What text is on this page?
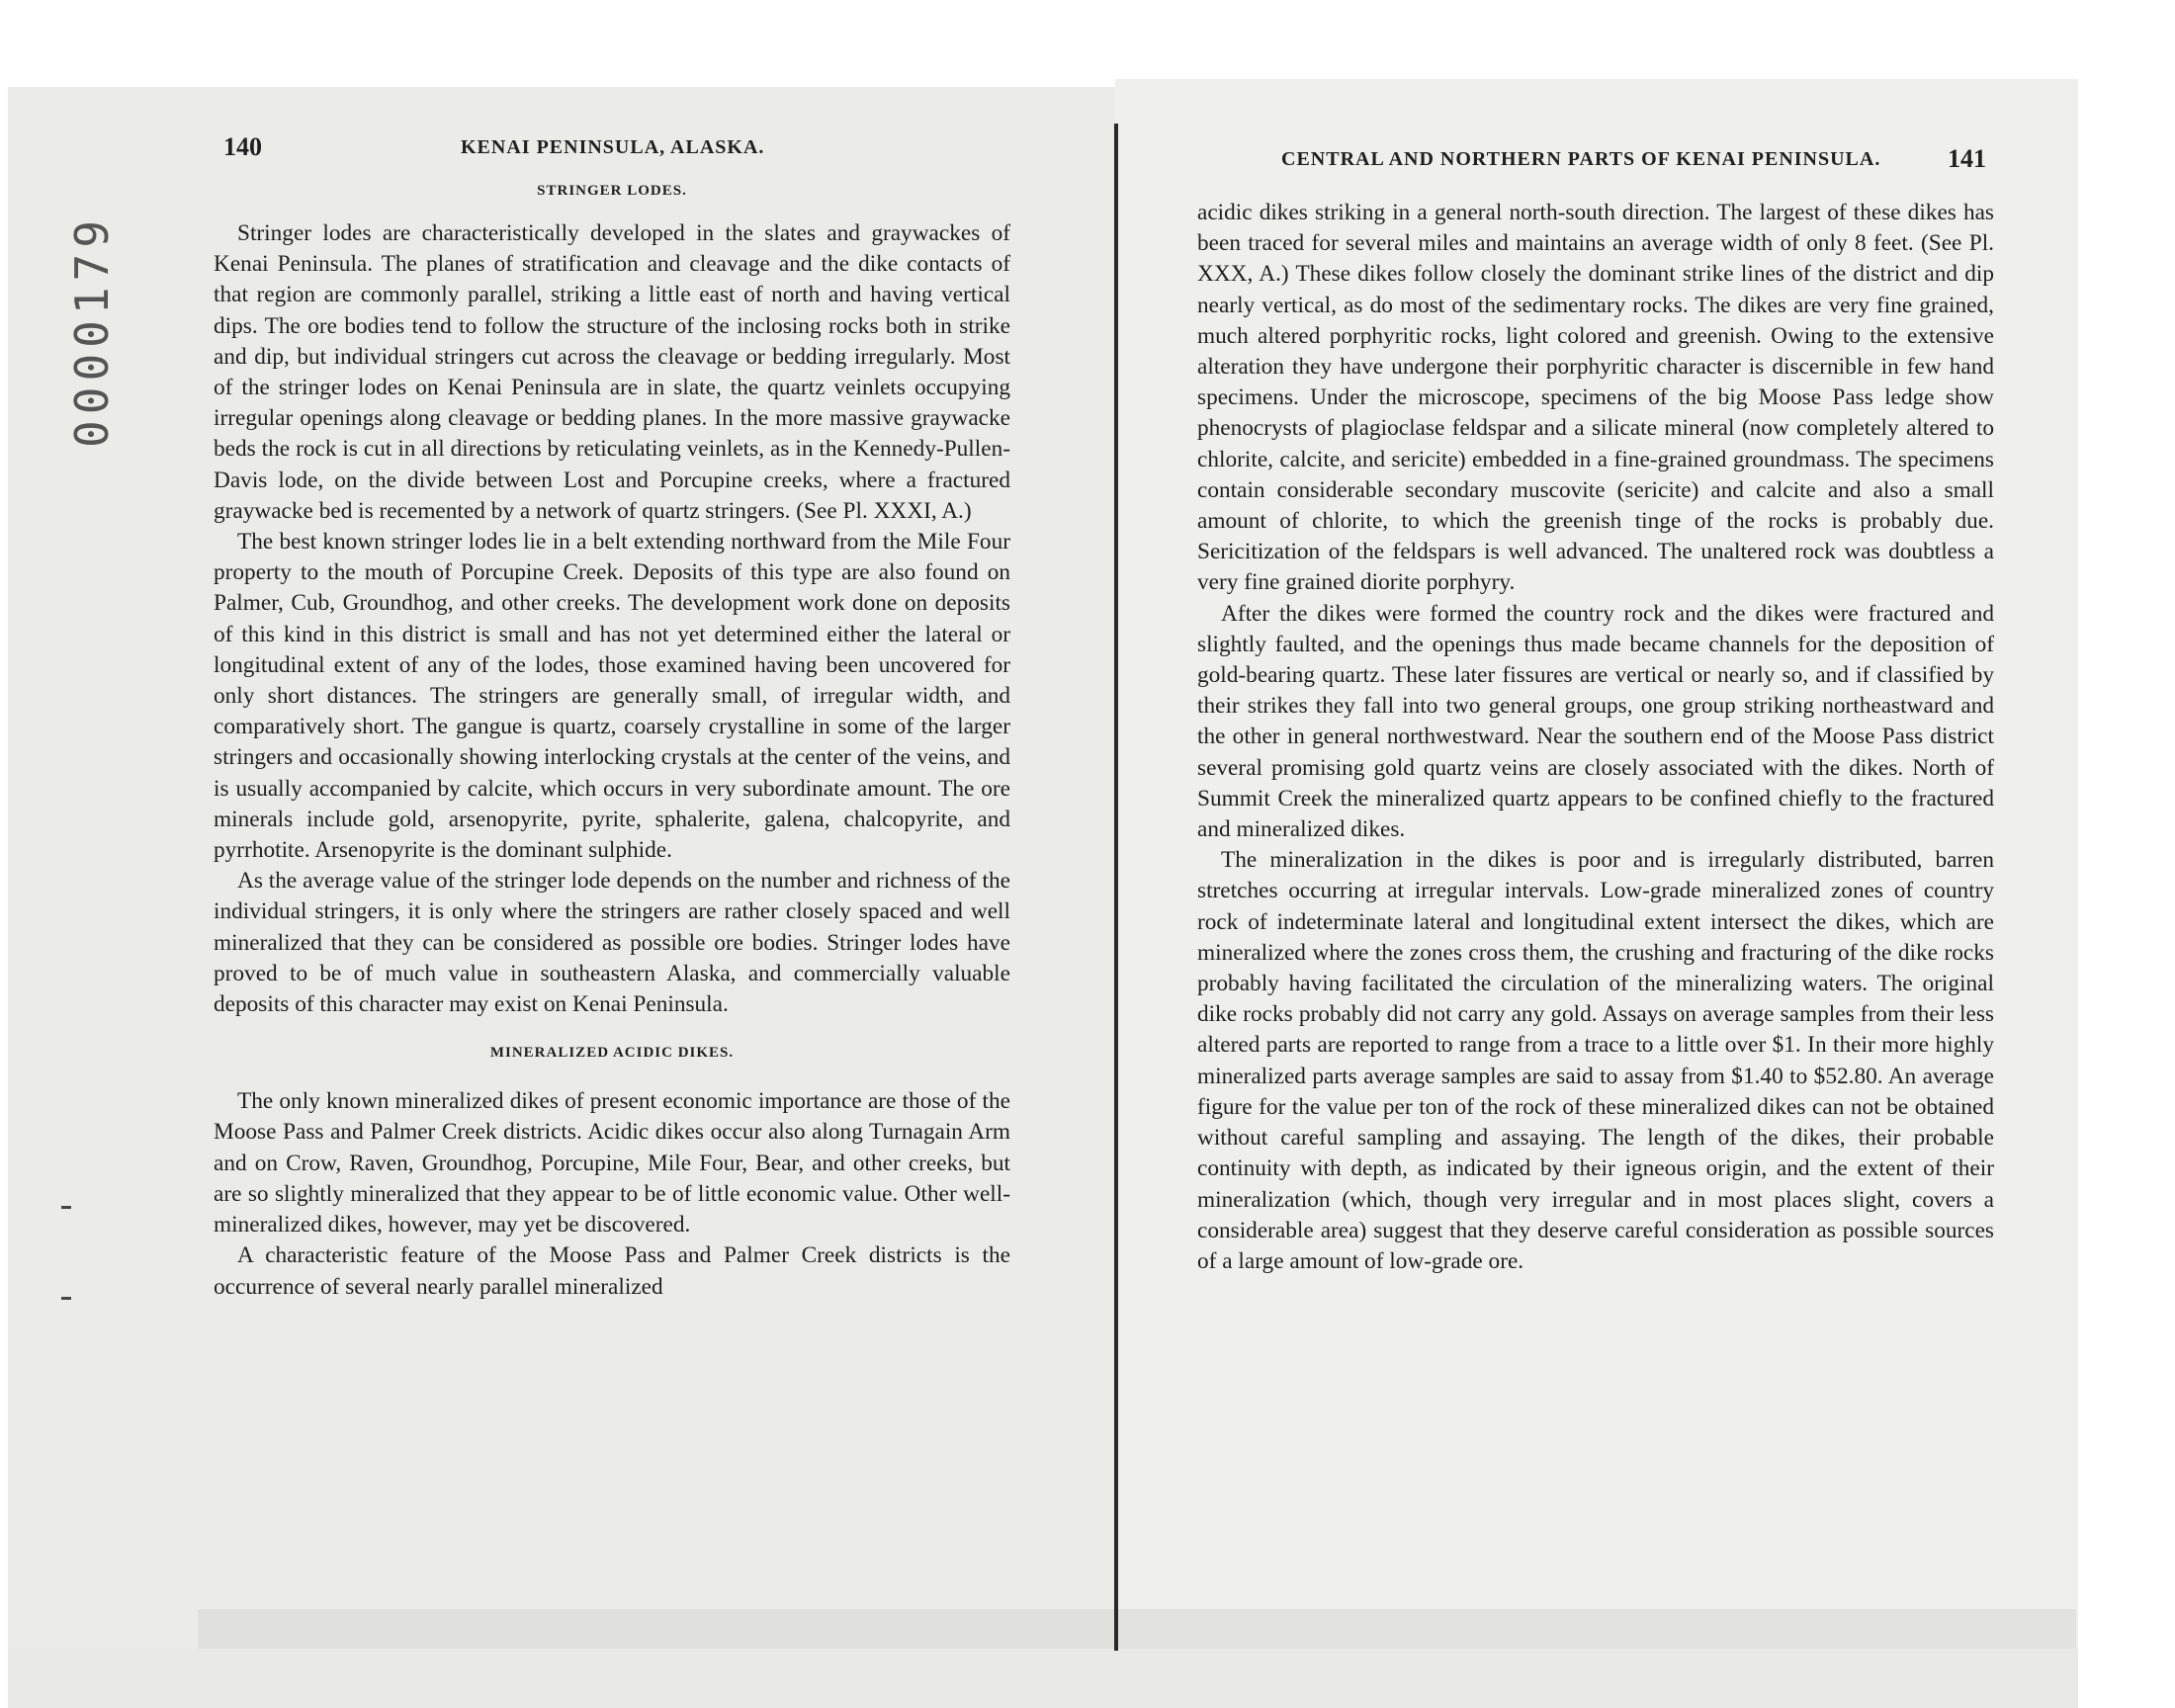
0000179
140	KENAI PENINSULA, ALASKA.
STRINGER LODES.

Stringer lodes are characteristically developed in the slates and graywackes of Kenai Peninsula. The planes of stratification and cleavage and the dike contacts of that region are commonly parallel, striking a little east of north and having vertical dips. The ore bodies tend to follow the structure of the inclosing rocks both in strike and dip, but individual stringers cut across the cleavage or bedding irregularly. Most of the stringer lodes on Kenai Peninsula are in slate, the quartz veinlets occupying irregular openings along cleavage or bedding planes. In the more massive graywacke beds the rock is cut in all directions by reticulating veinlets, as in the Kennedy-Pullen-Davis lode, on the divide between Lost and Porcupine creeks, where a fractured graywacke bed is recemented by a network of quartz stringers. (See Pl. XXXI, A.)

The best known stringer lodes lie in a belt extending northward from the Mile Four property to the mouth of Porcupine Creek. Deposits of this type are also found on Palmer, Cub, Groundhog, and other creeks. The development work done on deposits of this kind in this district is small and has not yet determined either the lateral or longitudinal extent of any of the lodes, those examined having been uncovered for only short distances. The stringers are generally small, of irregular width, and comparatively short. The gangue is quartz, coarsely crystalline in some of the larger stringers and occasionally showing interlocking crystals at the center of the veins, and is usually accompanied by calcite, which occurs in very subordinate amount. The ore minerals include gold, arsenopyrite, pyrite, sphalerite, galena, chalcopyrite, and pyrrhotite. Arsenopyrite is the dominant sulphide.

As the average value of the stringer lode depends on the number and richness of the individual stringers, it is only where the stringers are rather closely spaced and well mineralized that they can be considered as possible ore bodies. Stringer lodes have proved to be of much value in southeastern Alaska, and commercially valuable deposits of this character may exist on Kenai Peninsula.

MINERALIZED ACIDIC DIKES.

The only known mineralized dikes of present economic importance are those of the Moose Pass and Palmer Creek districts. Acidic dikes occur also along Turnagain Arm and on Crow, Raven, Groundhog, Porcupine, Mile Four, Bear, and other creeks, but are so slightly mineralized that they appear to be of little economic value. Other well-mineralized dikes, however, may yet be discovered.

A characteristic feature of the Moose Pass and Palmer Creek districts is the occurrence of several nearly parallel mineralized

CENTRAL AND NORTHERN PARTS OF KENAI PENINSULA.	141

acidic dikes striking in a general north-south direction. The largest of these dikes has been traced for several miles and maintains an average width of only 8 feet. (See Pl. XXX, A.) These dikes follow closely the dominant strike lines of the district and dip nearly vertical, as do most of the sedimentary rocks. The dikes are very fine grained, much altered porphyritic rocks, light colored and greenish. Owing to the extensive alteration they have undergone their porphyritic character is discernible in few hand specimens. Under the microscope, specimens of the big Moose Pass ledge show phenocrysts of plagioclase feldspar and a silicate mineral (now completely altered to chlorite, calcite, and sericite) embedded in a fine-grained groundmass. The specimens contain considerable secondary muscovite (sericite) and calcite and also a small amount of chlorite, to which the greenish tinge of the rocks is probably due. Sericitization of the feldspars is well advanced. The unaltered rock was doubtless a very fine grained diorite porphyry.

After the dikes were formed the country rock and the dikes were fractured and slightly faulted, and the openings thus made became channels for the deposition of gold-bearing quartz. These later fissures are vertical or nearly so, and if classified by their strikes they fall into two general groups, one group striking northeastward and the other in general northwestward. Near the southern end of the Moose Pass district several promising gold quartz veins are closely associated with the dikes. North of Summit Creek the mineralized quartz appears to be confined chiefly to the fractured and mineralized dikes.

The mineralization in the dikes is poor and is irregularly distributed, barren stretches occurring at irregular intervals. Low-grade mineralized zones of country rock of indeterminate lateral and longitudinal extent intersect the dikes, which are mineralized where the zones cross them, the crushing and fracturing of the dike rocks probably having facilitated the circulation of the mineralizing waters. The original dike rocks probably did not carry any gold. Assays on average samples from their less altered parts are reported to range from a trace to a little over $1. In their more highly mineralized parts average samples are said to assay from $1.40 to $52.80. An average figure for the value per ton of the rock of these mineralized dikes can not be obtained without careful sampling and assaying. The length of the dikes, their probable continuity with depth, as indicated by their igneous origin, and the extent of their mineralization (which, though very irregular and in most places slight, covers a considerable area) suggest that they deserve careful consideration as possible sources of a large amount of low-grade ore.
